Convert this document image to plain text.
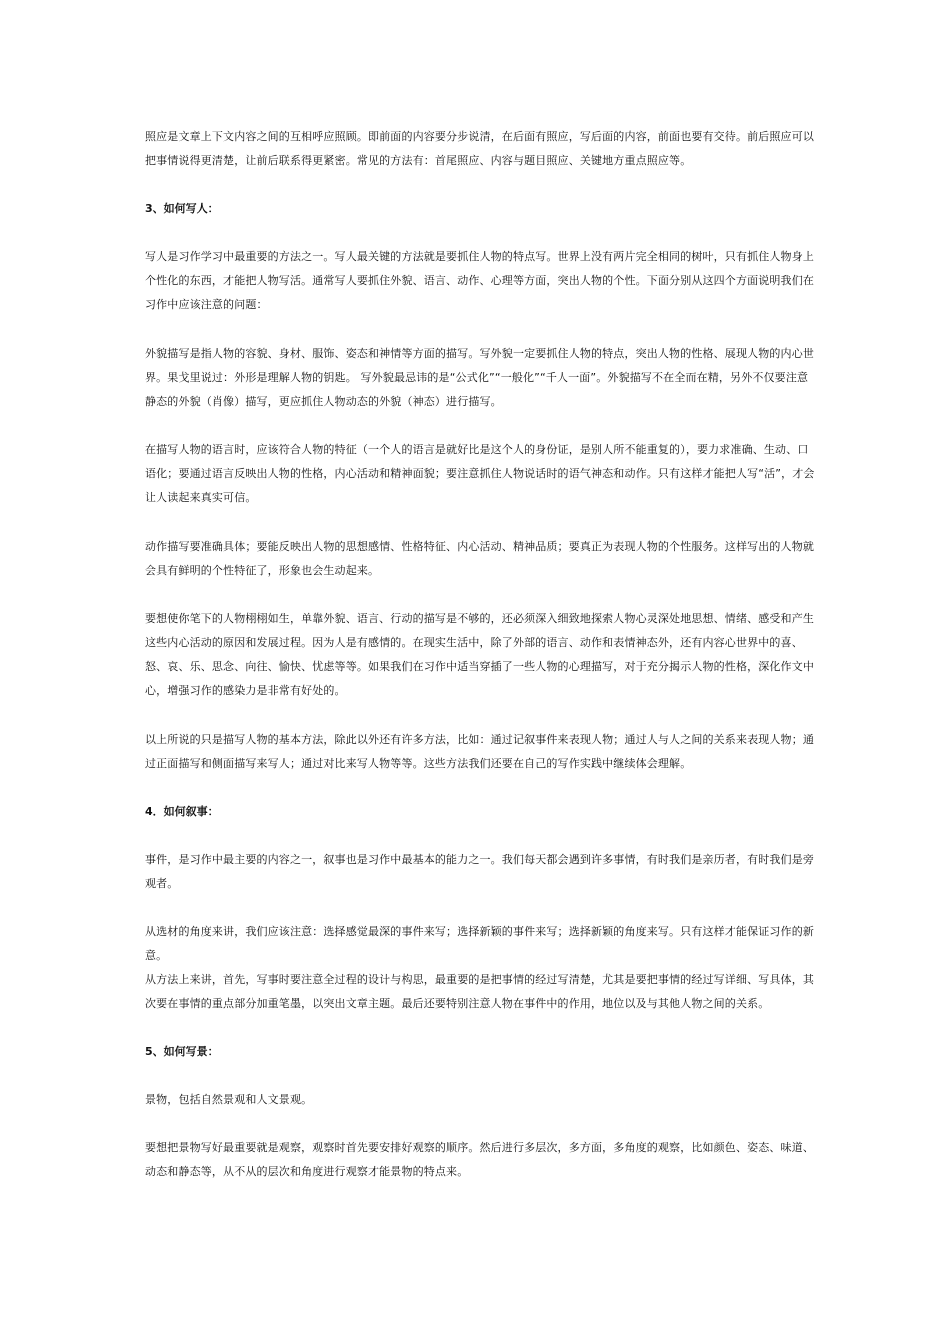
照应是文章上下文内容之间的互相呼应照顾。即前面的内容要分步说清，在后面有照应，写后面的内容，前面也要有交待。前后照应可以把事情说得更清楚，让前后联系得更紧密。常见的方法有：首尾照应、内容与题目照应、关键地方重点照应等。
3、如何写人：
写人是习作学习中最重要的方法之一。写人最关键的方法就是要抓住人物的特点写。世界上没有两片完全相同的树叶，只有抓住人物身上个性化的东西，才能把人物写活。通常写人要抓住外貌、语言、动作、心理等方面，突出人物的个性。下面分别从这四个方面说明我们在习作中应该注意的问题：
外貌描写是指人物的容貌、身材、服饰、姿态和神情等方面的描写。写外貌一定要抓住人物的特点，突出人物的性格、展现人物的内心世界。果戈里说过：外形是理解人物的钥匙。 写外貌最忌讳的是“公式化”“一般化”“千人一面”。外貌描写不在全而在精，另外不仅要注意静态的外貌（肖像）描写，更应抓住人物动态的外貌（神态）进行描写。
在描写人物的语言时，应该符合人物的特征（一个人的语言是就好比是这个人的身份证，是别人所不能重复的），要力求准确、生动、口语化；要通过语言反映出人物的性格，内心活动和精神面貌；要注意抓住人物说话时的语气神态和动作。只有这样才能把人写“活”，才会让人读起来真实可信。
动作描写要准确具体；要能反映出人物的思想感情、性格特征、内心活动、精神品质；要真正为表现人物的个性服务。这样写出的人物就会具有鲜明的个性特征了，形象也会生动起来。
要想使你笔下的人物栩栩如生，单靠外貌、语言、行动的描写是不够的，还必须深入细致地探索人物心灵深处地思想、情绪、感受和产生这些内心活动的原因和发展过程。因为人是有感情的。在现实生活中，除了外部的语言、动作和表情神态外，还有内容心世界中的喜、怒、哀、乐、思念、向往、愉快、忧虑等等。如果我们在习作中适当穿插了一些人物的心理描写，对于充分揭示人物的性格，深化作文中心，增强习作的感染力是非常有好处的。
以上所说的只是描写人物的基本方法，除此以外还有许多方法，比如：通过记叙事件来表现人物；通过人与人之间的关系来表现人物；通过正面描写和侧面描写来写人；通过对比来写人物等等。这些方法我们还要在自己的写作实践中继续体会理解。
4．如何叙事：
事件，是习作中最主要的内容之一，叙事也是习作中最基本的能力之一。我们每天都会遇到许多事情，有时我们是亲历者，有时我们是旁观者。
从选材的角度来讲，我们应该注意：选择感觉最深的事件来写；选择新颖的事件来写；选择新颖的角度来写。只有这样才能保证习作的新意。
从方法上来讲，首先，写事时要注意全过程的设计与构思，最重要的是把事情的经过写清楚，尤其是要把事情的经过写详细、写具体，其次要在事情的重点部分加重笔墨，以突出文章主题。最后还要特别注意人物在事件中的作用，地位以及与其他人物之间的关系。
5、如何写景：
景物，包括自然景观和人文景观。
要想把景物写好最重要就是观察，观察时首先要安排好观察的顺序。然后进行多层次，多方面，多角度的观察，比如颜色、姿态、味道、动态和静态等，从不从的层次和角度进行观察才能景物的特点来。
